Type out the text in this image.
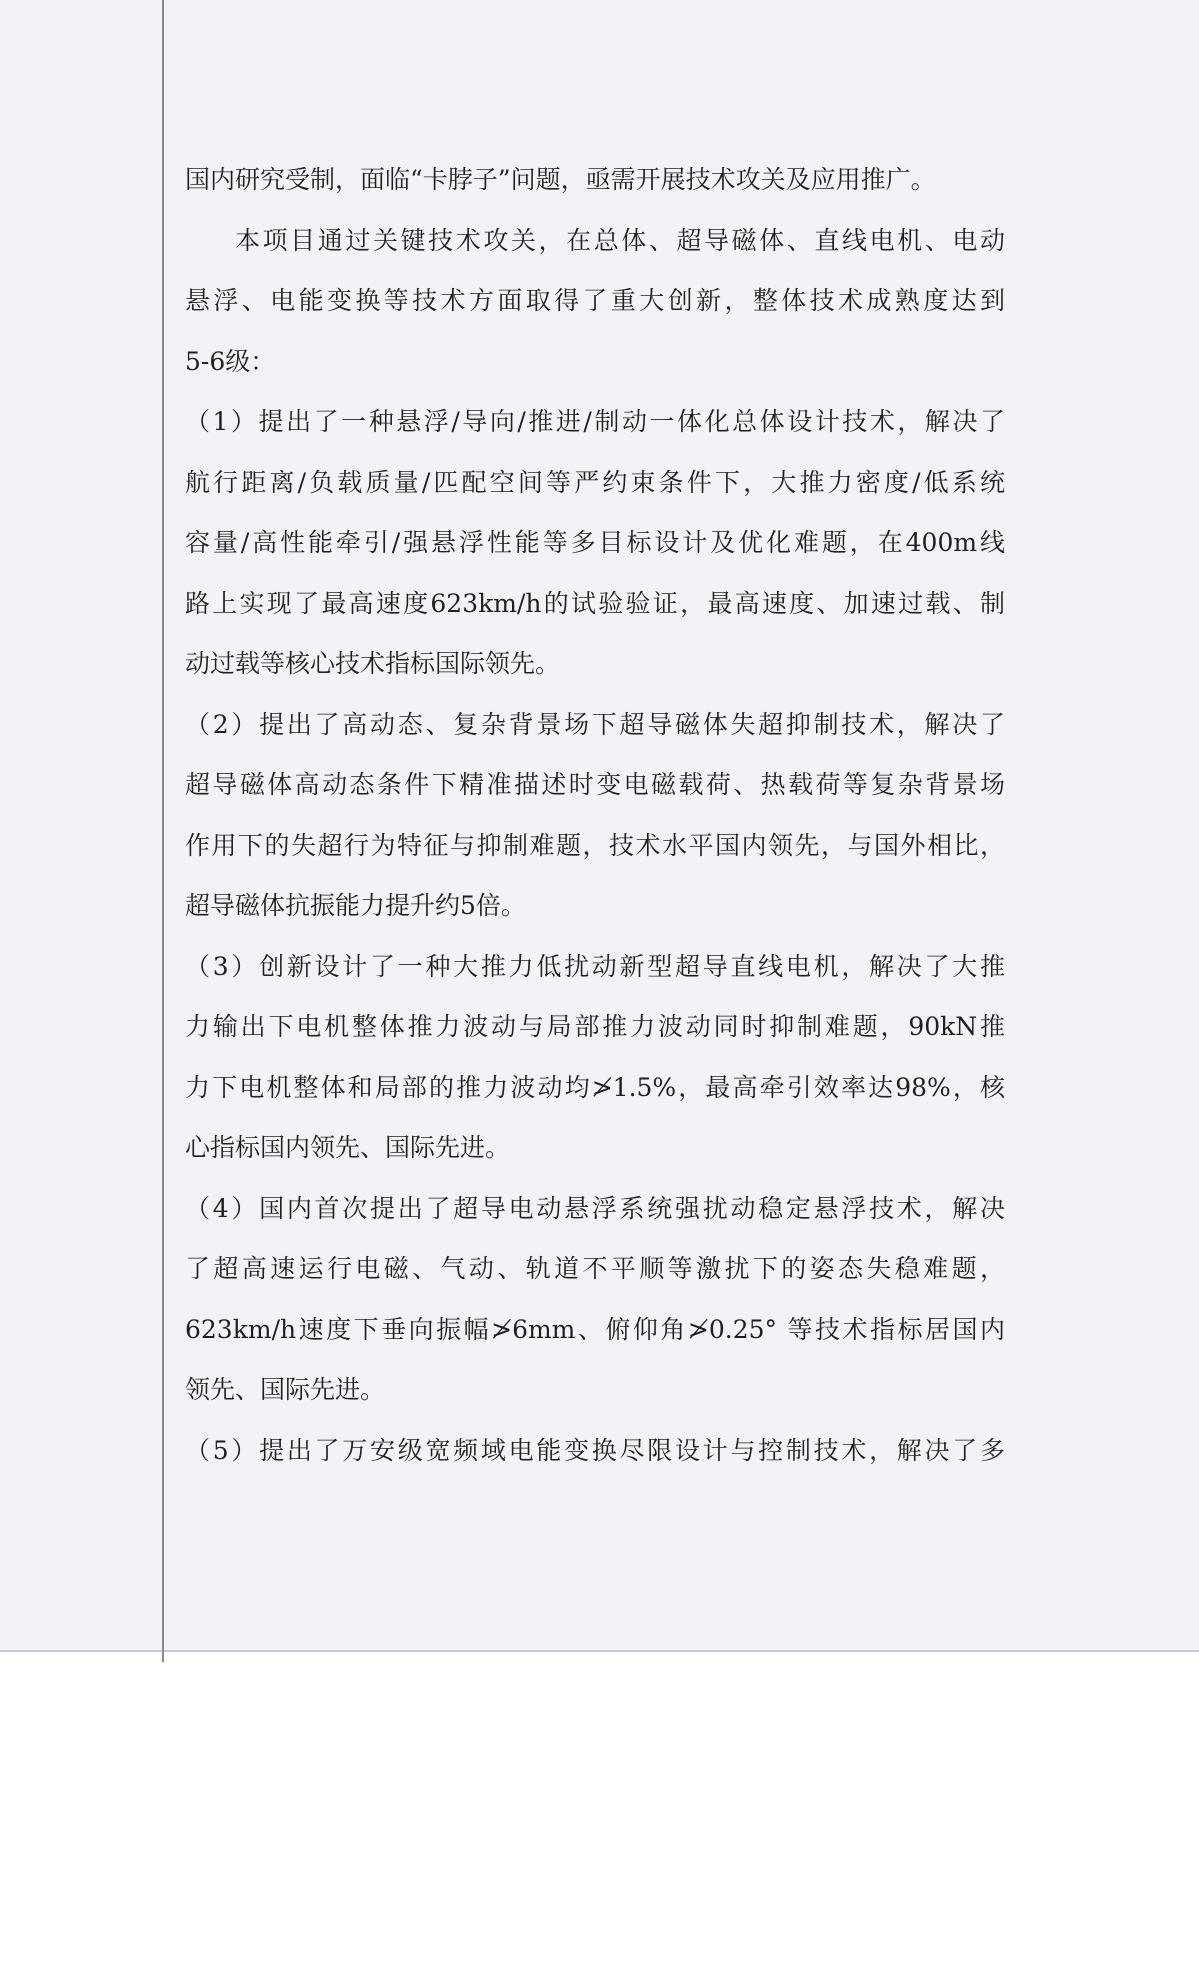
国内研究受制，面临“卡脖子”问题，亟需开展技术攻关及应用推广。
本项目通过关键技术攻关，在总体、超导磁体、直线电机、电动
悬浮、电能变换等技术方面取得了重大创新，整体技术成熟度达到
5-6级：
（1）提出了一种悬浮/导向/推进/制动一体化总体设计技术，解决了
航行距离/负载质量/匹配空间等严约束条件下，大推力密度/低系统
容量/高性能牵引/强悬浮性能等多目标设计及优化难题，在400m线
路上实现了最高速度623km/h的试验验证，最高速度、加速过载、制
动过载等核心技术指标国际领先。
（2）提出了高动态、复杂背景场下超导磁体失超抑制技术，解决了
超导磁体高动态条件下精准描述时变电磁载荷、热载荷等复杂背景场
作用下的失超行为特征与抑制难题，技术水平国内领先，与国外相比，
超导磁体抗振能力提升约5倍。
（3）创新设计了一种大推力低扰动新型超导直线电机，解决了大推
力输出下电机整体推力波动与局部推力波动同时抑制难题，90kN推
力下电机整体和局部的推力波动均≯1.5%，最高牵引效率达98%，核
心指标国内领先、国际先进。
（4）国内首次提出了超导电动悬浮系统强扰动稳定悬浮技术，解决
了超高速运行电磁、气动、轨道不平顺等激扰下的姿态失稳难题，
623km/h速度下垂向振幅≯6mm、俯仰角≯0.25° 等技术指标居国内
领先、国际先进。
（5）提出了万安级宽频域电能变换尽限设计与控制技术，解决了多
